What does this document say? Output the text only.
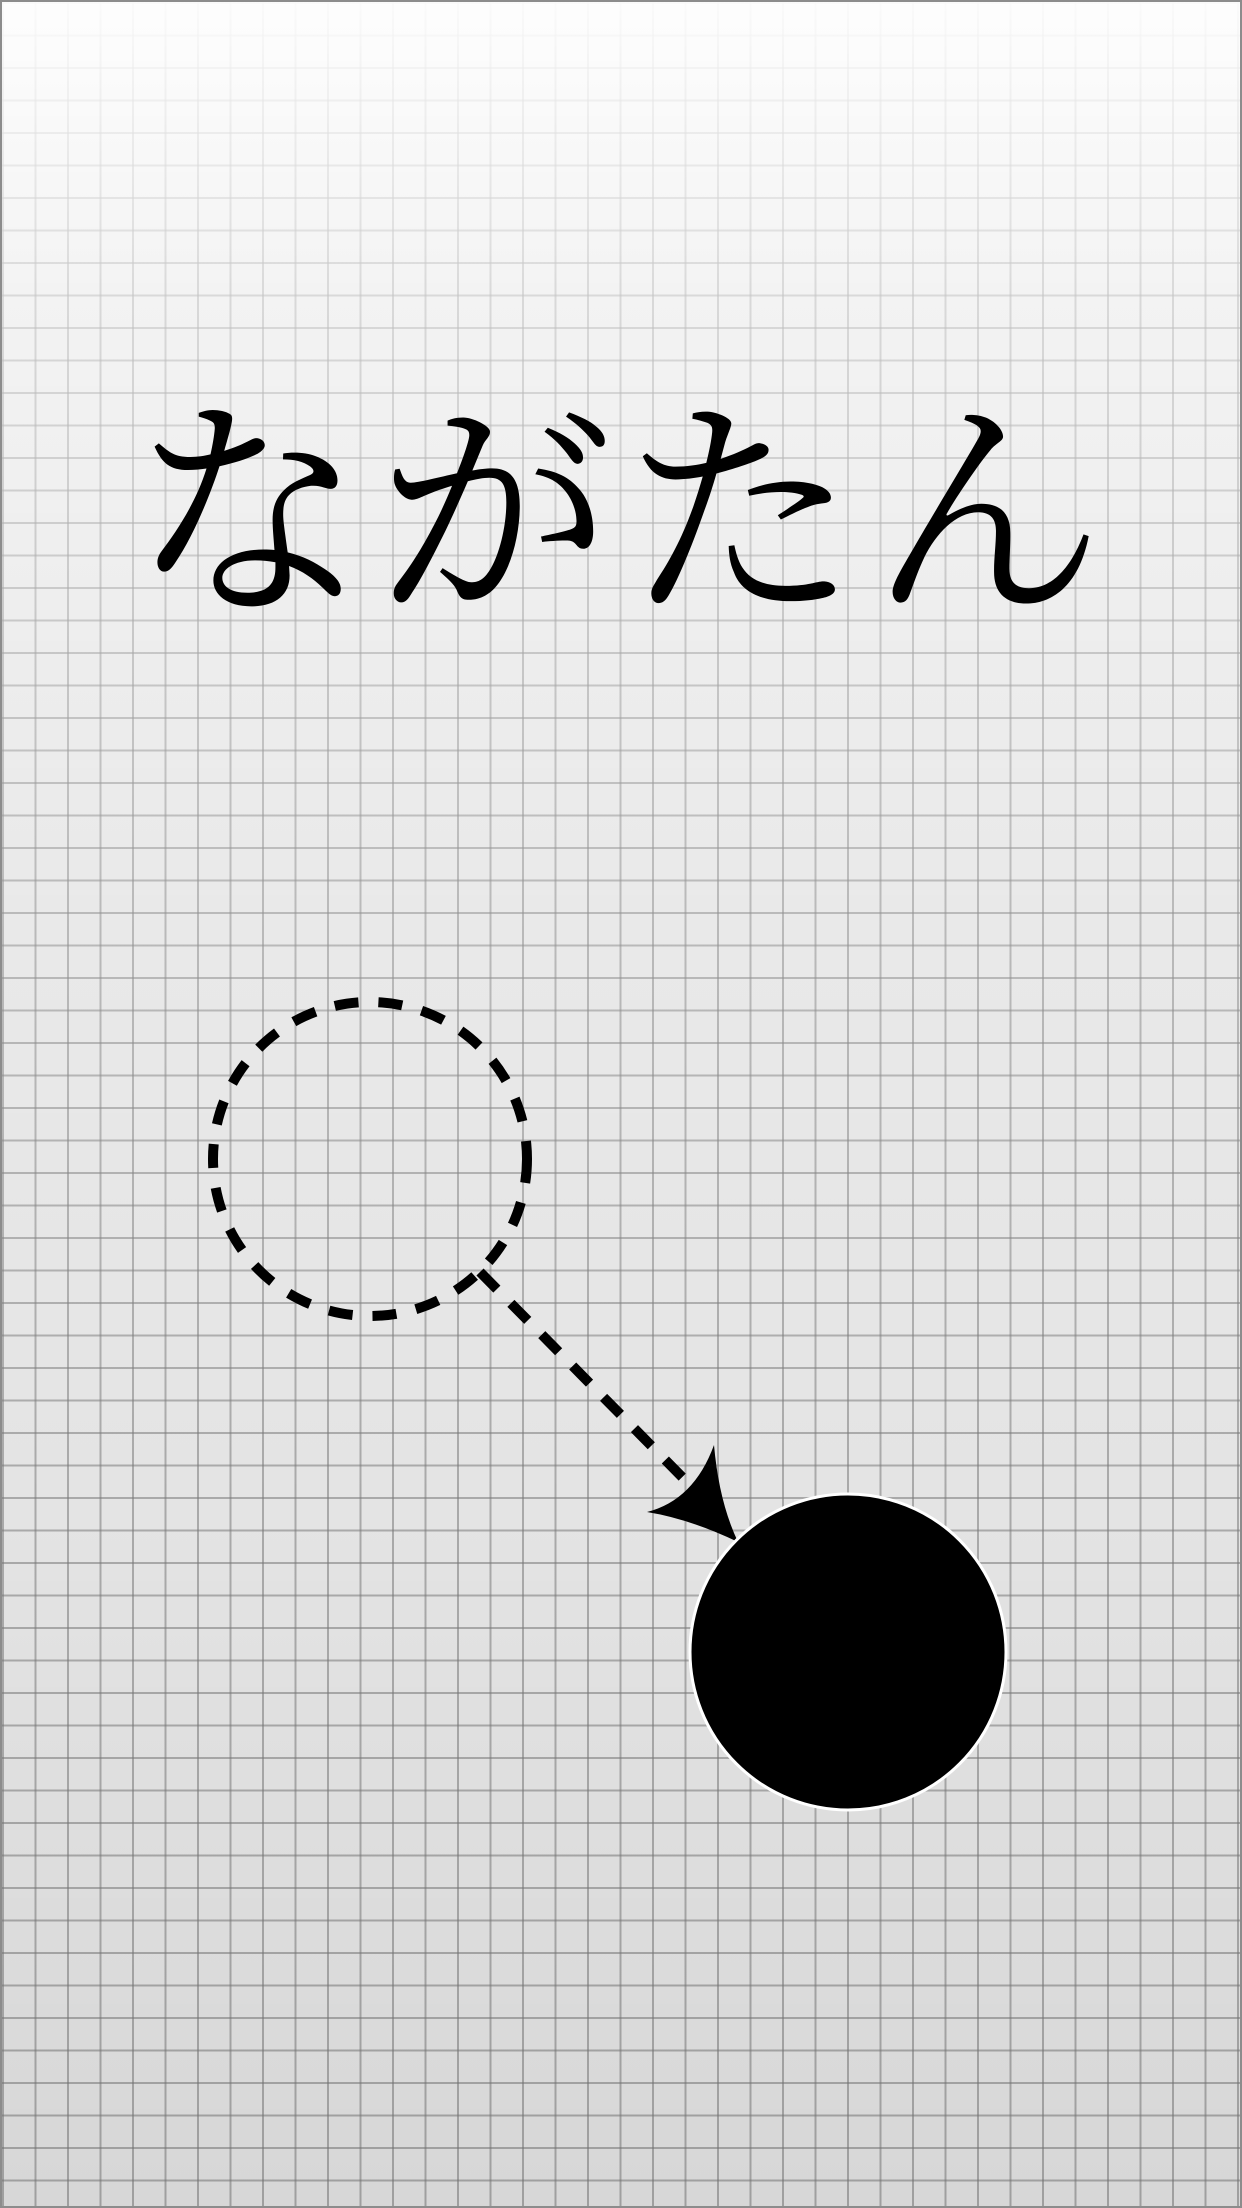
ながたん
